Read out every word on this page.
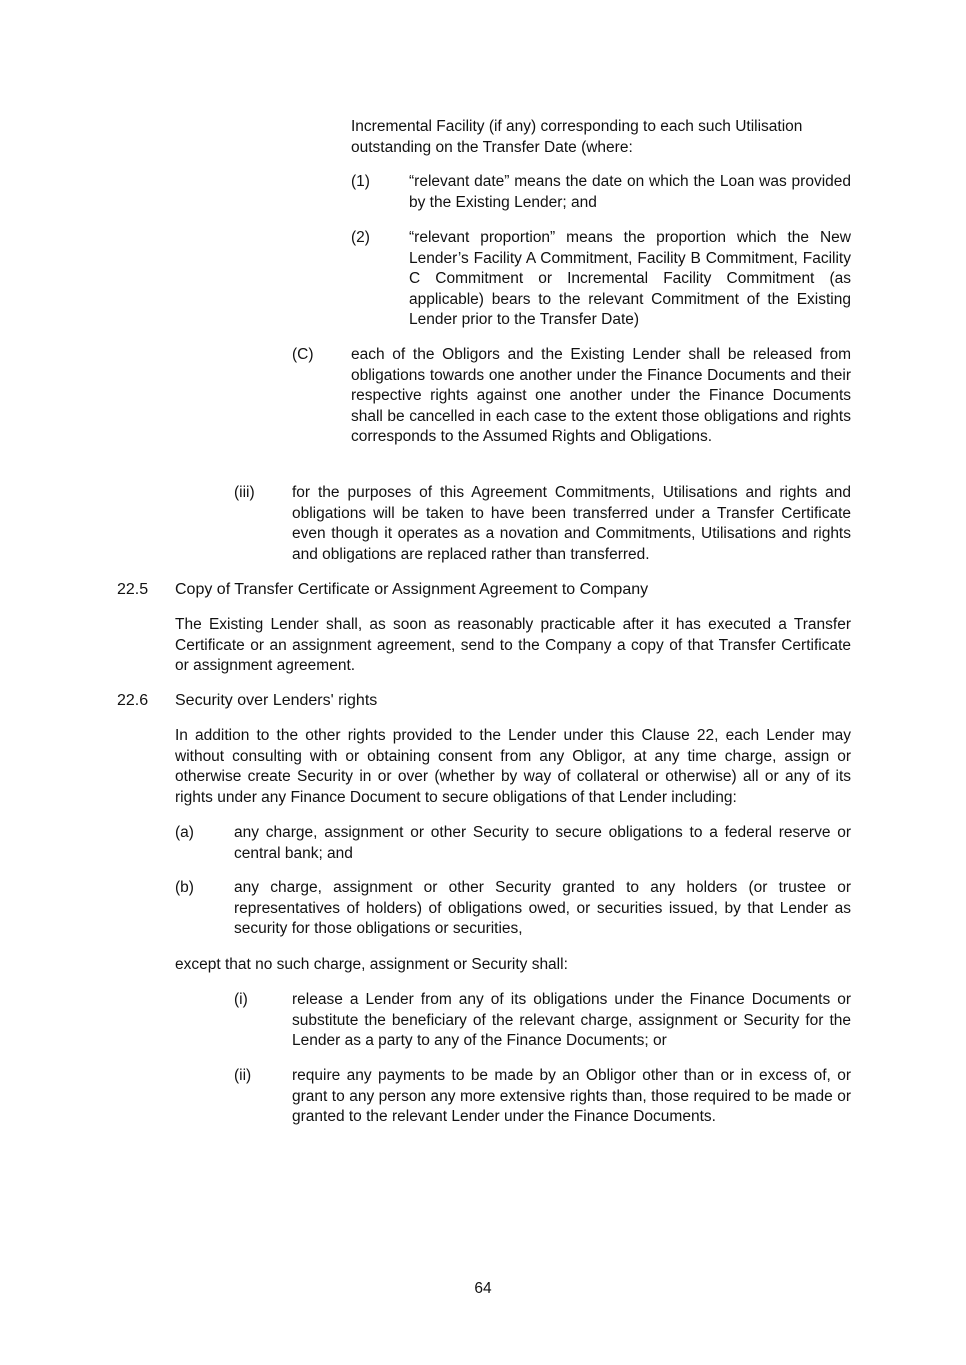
Incremental Facility (if any) corresponding to each such Utilisation outstanding on the Transfer Date (where:

(1)	“relevant date” means the date on which the Loan was provided by the Existing Lender; and

(2)	“relevant proportion” means the proportion which the New Lender’s Facility A Commitment, Facility B Commitment, Facility C Commitment or Incremental Facility Commitment (as applicable) bears to the relevant Commitment of the Existing Lender prior to the Transfer Date)

(C) each of the Obligors and the Existing Lender shall be released from obligations towards one another under the Finance Documents and their respective rights against one another under the Finance Documents shall be cancelled in each case to the extent those obligations and rights corresponds to the Assumed Rights and Obligations.

(iii) for the purposes of this Agreement Commitments, Utilisations and rights and obligations will be taken to have been transferred under a Transfer Certificate even though it operates as a novation and Commitments, Utilisations and rights and obligations are replaced rather than transferred.

22.5 Copy of Transfer Certificate or Assignment Agreement to Company

The Existing Lender shall, as soon as reasonably practicable after it has executed a Transfer Certificate or an assignment agreement, send to the Company a copy of that Transfer Certificate or assignment agreement.

22.6 Security over Lenders' rights

In addition to the other rights provided to the Lender under this Clause 22, each Lender may without consulting with or obtaining consent from any Obligor, at any time charge, assign or otherwise create Security in or over (whether by way of collateral or otherwise) all or any of its rights under any Finance Document to secure obligations of that Lender including:

(a)	any charge, assignment or other Security to secure obligations to a federal reserve or central bank; and

(b)	any charge, assignment or other Security granted to any holders (or trustee or representatives of holders) of obligations owed, or securities issued, by that Lender as security for those obligations or securities,

except that no such charge, assignment or Security shall:

(i)	release a Lender from any of its obligations under the Finance Documents or substitute the beneficiary of the relevant charge, assignment or Security for the Lender as a party to any of the Finance Documents; or

(ii)	require any payments to be made by an Obligor other than or in excess of, or grant to any person any more extensive rights than, those required to be made or granted to the relevant Lender under the Finance Documents.

64
